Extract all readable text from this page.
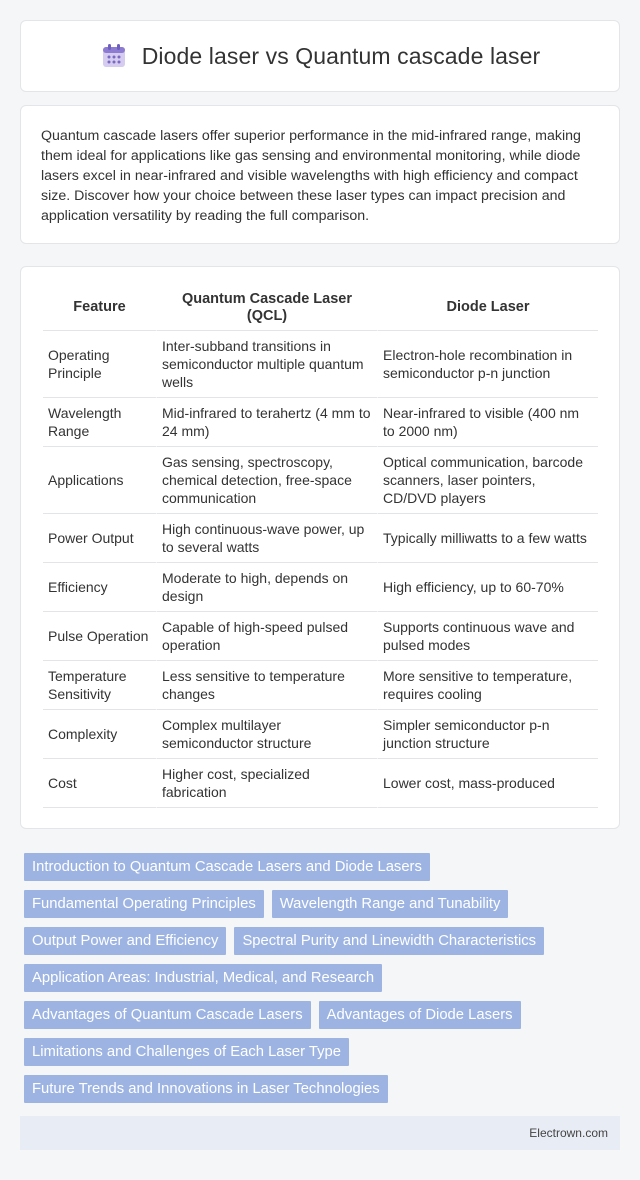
Diode laser vs Quantum cascade laser

Quantum cascade lasers offer superior performance in the mid-infrared range, making them ideal for applications like gas sensing and environmental monitoring, while diode lasers excel in near-infrared and visible wavelengths with high efficiency and compact size. Discover how your choice between these laser types can impact precision and application versatility by reading the full comparison.

Feature	Quantum Cascade Laser (QCL)	Diode Laser
Operating Principle	Inter-subband transitions in semiconductor multiple quantum wells	Electron-hole recombination in semiconductor p-n junction
Wavelength Range	Mid-infrared to terahertz (4 mm to 24 mm)	Near-infrared to visible (400 nm to 2000 nm)
Applications	Gas sensing, spectroscopy, chemical detection, free-space communication	Optical communication, barcode scanners, laser pointers, CD/DVD players
Power Output	High continuous-wave power, up to several watts	Typically milliwatts to a few watts
Efficiency	Moderate to high, depends on design	High efficiency, up to 60-70%
Pulse Operation	Capable of high-speed pulsed operation	Supports continuous wave and pulsed modes
Temperature Sensitivity	Less sensitive to temperature changes	More sensitive to temperature, requires cooling
Complexity	Complex multilayer semiconductor structure	Simpler semiconductor p-n junction structure
Cost	Higher cost, specialized fabrication	Lower cost, mass-produced
Introduction to Quantum Cascade Lasers and Diode Lasers
Fundamental Operating Principles	Wavelength Range and Tunability
Output Power and Efficiency	Spectral Purity and Linewidth Characteristics
Application Areas: Industrial, Medical, and Research
Advantages of Quantum Cascade Lasers	Advantages of Diode Lasers
Limitations and Challenges of Each Laser Type
Future Trends and Innovations in Laser Technologies
Electrown.com
